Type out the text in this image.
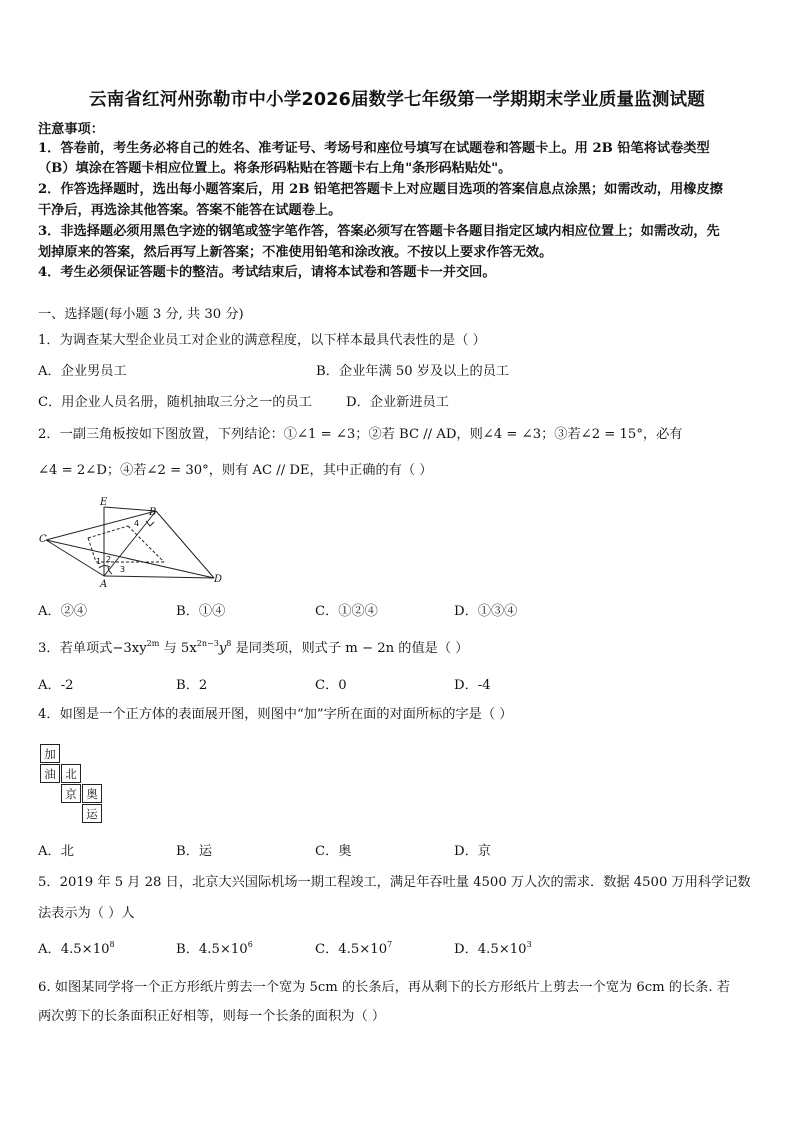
云南省红河州弥勒市中小学2026届数学七年级第一学期期末学业质量监测试题
注意事项：
1．答卷前，考生务必将自己的姓名、准考证号、考场号和座位号填写在试题卷和答题卡上。用 2B 铅笔将试卷类型
（B）填涂在答题卡相应位置上。将条形码粘贴在答题卡右上角"条形码粘贴处"。
2．作答选择题时，选出每小题答案后，用 2B 铅笔把答题卡上对应题目选项的答案信息点涂黑；如需改动，用橡皮擦
干净后，再选涂其他答案。答案不能答在试题卷上。
3．非选择题必须用黑色字迹的钢笔或签字笔作答，答案必须写在答题卡各题目指定区域内相应位置上；如需改动，先
划掉原来的答案，然后再写上新答案；不准使用铅笔和涂改液。不按以上要求作答无效。
4．考生必须保证答题卡的整洁。考试结束后，请将本试卷和答题卡一并交回。
一、选择题(每小题 3 分, 共 30 分)
1．为调查某大型企业员工对企业的满意程度，以下样本最具代表性的是（ ）
A．企业男员工	B．企业年满 50 岁及以上的员工
C．用企业人员名册，随机抽取三分之一的员工	D．企业新进员工
2．一副三角板按如下图放置，下列结论：①∠1 = ∠3；②若 BC // AD，则∠4 = ∠3；③若∠2 = 15°，必有
∠4 = 2∠D；④若∠2 = 30°，则有 AC // DE，其中正确的有（ ）
E
B
C
A	D
1 2
3
4
A．②④	B．①④	C．①②④	D．①③④
3．若单项式$-3xy^{2m}$ 与 $5x^{2n-3}y^8$ 是同类项，则式子 m − 2n 的值是（ ）
A．-2	B．2	C．0	D．-4
4．如图是一个正方体的表面展开图，则图中“加”字所在面的对面所标的字是（ ）
加
油 北
京 奥
运
A．北	B．运	C．奥	D．京
5．2019 年 5 月 28 日，北京大兴国际机场一期工程竣工，满足年吞吐量 4500 万人次的需求．数据 4500 万用科学记数
法表示为（ ）人
A．$4.5\times 10^8$	B．$4.5\times 10^6$	C．$4.5\times 10^7$	D．$4.5\times 10^3$
6. 如图某同学将一个正方形纸片剪去一个宽为 5cm 的长条后，再从剩下的长方形纸片上剪去一个宽为 6cm 的长条. 若
两次剪下的长条面积正好相等，则每一个长条的面积为（ ）
